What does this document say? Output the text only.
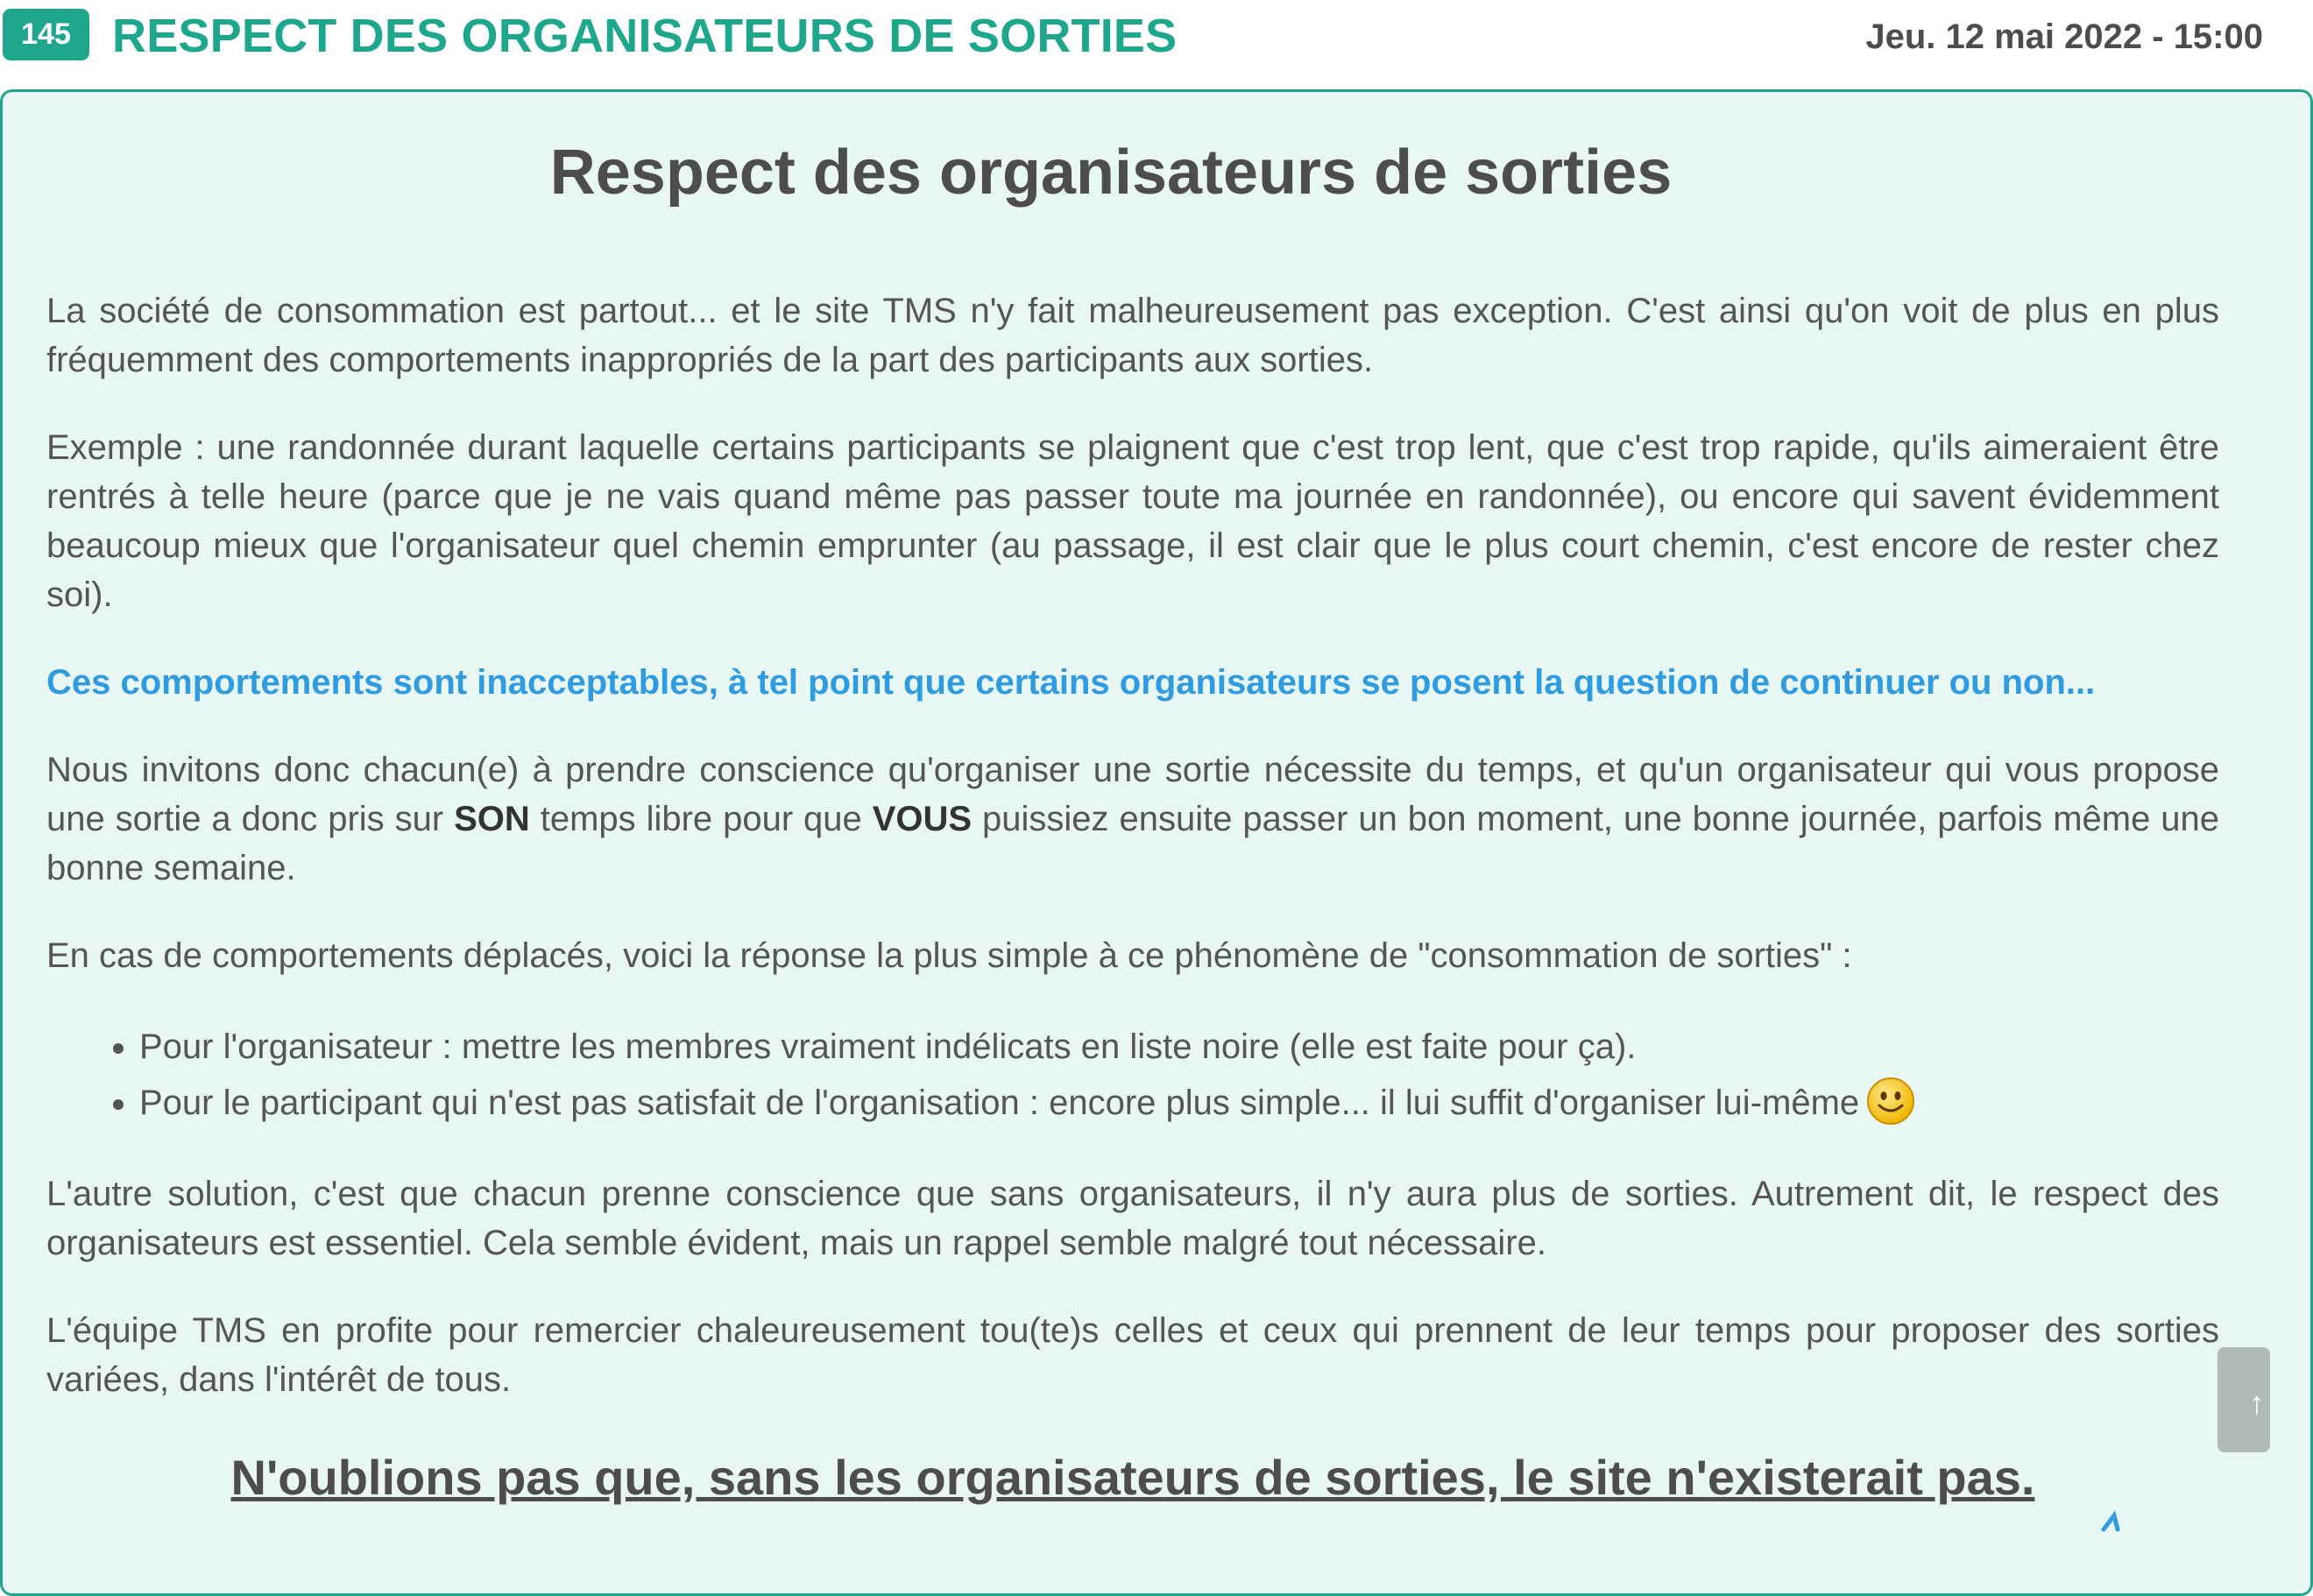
145 RESPECT DES ORGANISATEURS DE SORTIES	Jeu. 12 mai 2022 - 15:00
Respect des organisateurs de sorties

La société de consommation est partout... et le site TMS n'y fait malheureusement pas exception. C'est ainsi qu'on voit de plus en plus fréquemment des comportements inappropriés de la part des participants aux sorties.

Exemple : une randonnée durant laquelle certains participants se plaignent que c'est trop lent, que c'est trop rapide, qu'ils aimeraient être rentrés à telle heure (parce que je ne vais quand même pas passer toute ma journée en randonnée), ou encore qui savent évidemment beaucoup mieux que l'organisateur quel chemin emprunter (au passage, il est clair que le plus court chemin, c'est encore de rester chez soi).

Ces comportements sont inacceptables, à tel point que certains organisateurs se posent la question de continuer ou non...

Nous invitons donc chacun(e) à prendre conscience qu'organiser une sortie nécessite du temps, et qu'un organisateur qui vous propose une sortie a donc pris sur SON temps libre pour que VOUS puissiez ensuite passer un bon moment, une bonne journée, parfois même une bonne semaine.

En cas de comportements déplacés, voici la réponse la plus simple à ce phénomène de "consommation de sorties" :

• Pour l'organisateur : mettre les membres vraiment indélicats en liste noire (elle est faite pour ça).
• Pour le participant qui n'est pas satisfait de l'organisation : encore plus simple... il lui suffit d'organiser lui-même

L'autre solution, c'est que chacun prenne conscience que sans organisateurs, il n'y aura plus de sorties. Autrement dit, le respect des organisateurs est essentiel. Cela semble évident, mais un rappel semble malgré tout nécessaire.

L'équipe TMS en profite pour remercier chaleureusement tou(te)s celles et ceux qui prennent de leur temps pour proposer des sorties variées, dans l'intérêt de tous.

N'oublions pas que, sans les organisateurs de sorties, le site n'existerait pas.

↑
